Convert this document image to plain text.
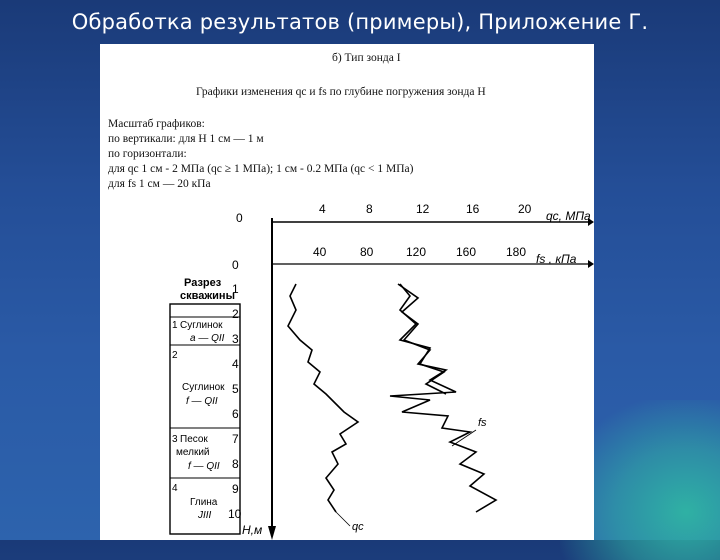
Обработка результатов (примеры), Приложение Г.
б) Тип зонда I
Графики изменения qc и fs по глубине погружения зонда H
Масштаб графиков:
по вертикали: для H 1 см — 1 м
по горизонтали:
для qc 1 см - 2 МПа (qc ≥ 1 МПа); 1 см - 0.2 МПа (qc < 1 МПа)
для fs 1 см — 20 кПа
0
4	8	12	16	20 qc, МПа
40	80	120 160 180 fs , кПа
0
1
2
3
4
5
6
7
8
9
10
H,м
Разрез
скважины
1 Суглинок
a — QII
2
Суглинок
f — QII
3 Песок
мелкий
f — QII
4
Глина
JIII
fs
qc
